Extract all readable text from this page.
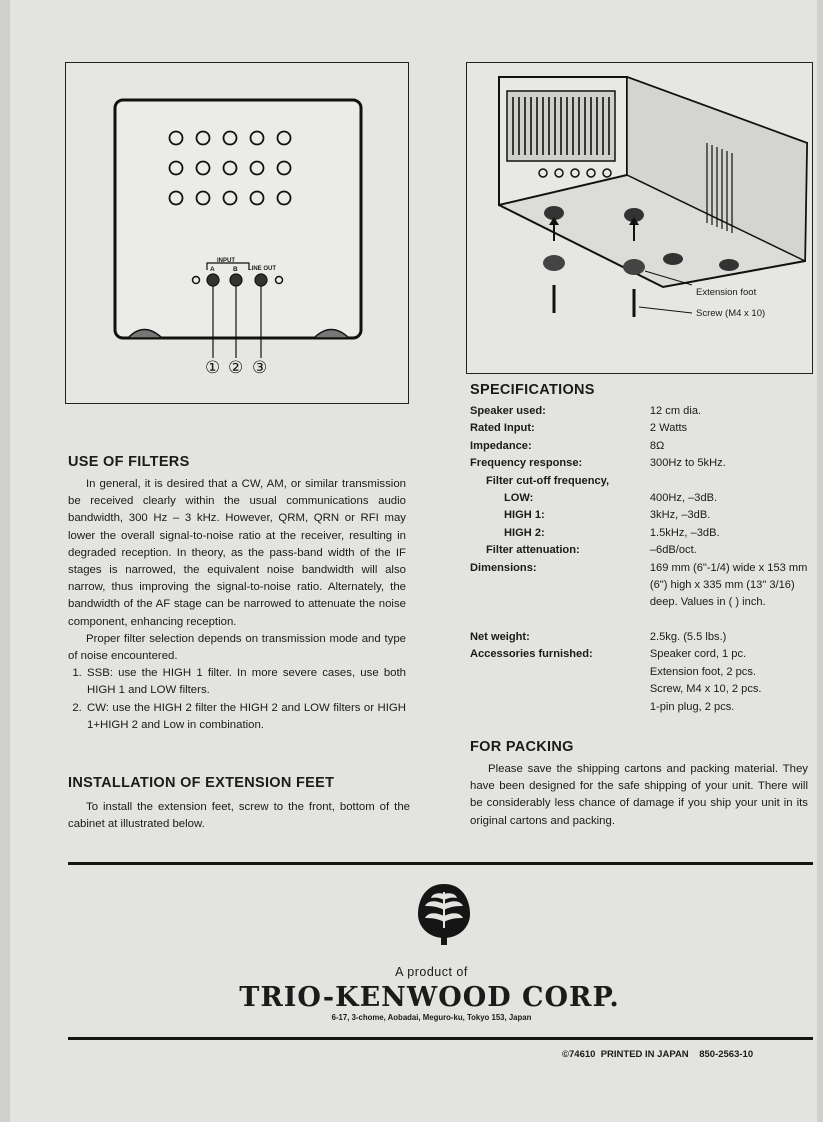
INPUT
A	B LINE OUT
① ② ③
Extension foot
Screw (M4 x 10)
USE OF FILTERS

In general, it is desired that a CW, AM, or similar transmission be received clearly within the usual communications audio bandwidth, 300 Hz – 3 kHz. However, QRM, QRN or RFI may lower the overall signal-to-noise ratio at the receiver, resulting in degraded reception. In theory, as the pass-band width of the IF stages is narrowed, the equivalent noise bandwidth will also narrow, thus improving the signal-to-noise ratio. Alternately, the bandwidth of the AF stage can be narrowed to attenuate the noise component, enhancing reception.

Proper filter selection depends on transmission mode and type of noise encountered.

1. SSB: use the HIGH 1 filter. In more severe cases, use both HIGH 1 and LOW filters.
2. CW: use the HIGH 2 filter the HIGH 2 and LOW filters or HIGH 1+HIGH 2 and Low in combination.
INSTALLATION OF EXTENSION FEET

To install the extension feet, screw to the front, bottom of the cabinet at illustrated below.

SPECIFICATIONS
Speaker used:	12 cm dia.
Rated Input:	2 Watts
Impedance:	8Ω
Frequency response:	300Hz to 5kHz.
Filter cut-off frequency,	
LOW:	400Hz, –3dB.
HIGH 1:	3kHz, –3dB.
HIGH 2:	1.5kHz, –3dB.
Filter attenuation:	–6dB/oct.
Dimensions:	169 mm (6"-1/4) wide x 153 mm (6") high x 335 mm (13" 3/16) deep. Values in ( ) inch.
Net weight:	2.5kg. (5.5 lbs.)
Accessories furnished:		Speaker cord, 1 pc. Extension foot, 2 pcs. Screw, M4 x 10, 2 pcs. 1-pin plug, 2 pcs.
FOR PACKING

Please save the shipping cartons and packing material. They have been designed for the safe shipping of your unit. There will be considerably less chance of damage if you ship your unit in its original cartons and packing.

A product of
TRIO-KENWOOD CORP.
6-17, 3-chome, Aobadai, Meguro-ku, Tokyo 153, Japan
©74610  PRINTED IN JAPAN    850-2563-10
